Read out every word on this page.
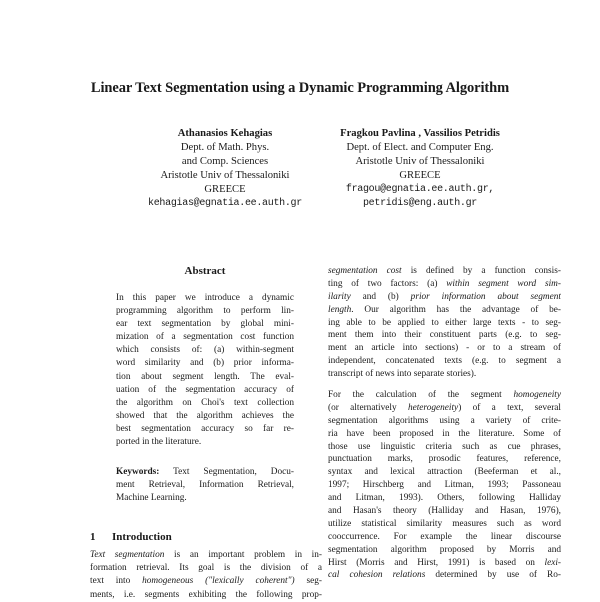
Linear Text Segmentation using a Dynamic Programming Algorithm
Athanasios Kehagias
Dept. of Math. Phys.
and Comp. Sciences
Aristotle Univ of Thessaloniki
GREECE
kehagias@egnatia.ee.auth.gr
Fragkou Pavlina , Vassilios Petridis
Dept. of Elect. and Computer Eng.
Aristotle Univ of Thessaloniki
GREECE
fragou@egnatia.ee.auth.gr,
petridis@eng.auth.gr
Abstract
In this paper we introduce a dynamic
programming algorithm to perform lin-
ear text segmentation by global mini-
mization of a segmentation cost function
which consists of: (a) within-segment
word similarity and (b) prior informa-
tion about segment length. The eval-
uation of the segmentation accuracy of
the algorithm on Choi's text collection
showed that the algorithm achieves the
best segmentation accuracy so far re-
ported in the literature.
Keywords: Text Segmentation, Docu-
ment Retrieval, Information Retrieval,
Machine Learning.
1 Introduction
Text segmentation is an important problem in in-
formation retrieval. Its goal is the division of a
text into homogeneous ("lexically coherent") seg-
ments, i.e. segments exhibiting the following prop-
segmentation cost is defined by a function consis-
ting of two factors: (a) within segment word sim-
ilarity and (b) prior information about segment
length. Our algorithm has the advantage of be-
ing able to be applied to either large texts - to seg-
ment them into their constituent parts (e.g. to seg-
ment an article into sections) - or to a stream of
independent, concatenated texts (e.g. to segment a
transcript of news into separate stories).
For the calculation of the segment homogeneity
(or alternatively heterogeneity) of a text, several
segmentation algorithms using a variety of crite-
ria have been proposed in the literature. Some of
those use linguistic criteria such as cue phrases,
punctuation marks, prosodic features, reference,
syntax and lexical attraction (Beeferman et al.,
1997; Hirschberg and Litman, 1993; Passoneau
and Litman, 1993). Others, following Halliday
and Hasan's theory (Halliday and Hasan, 1976),
utilize statistical similarity measures such as word
cooccurrence. For example the linear discourse
segmentation algorithm proposed by Morris and
Hirst (Morris and Hirst, 1991) is based on lexi-
cal cohesion relations determined by use of Ro-
